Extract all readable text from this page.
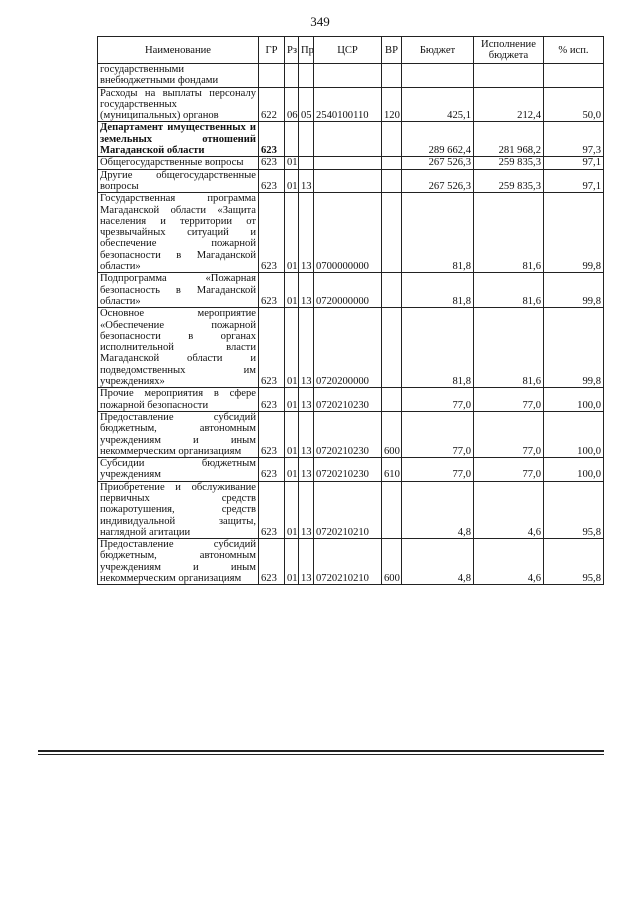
349
Наименование	ГР	Рз	Пр	ЦСР	ВР	Бюджет	Исполнение бюджета	% исп.
государственными внебюджетными фондами								
Расходы на выплаты персоналу государственных (муниципальных) органов	622	06	05	2540100110	120	425,1	212,4	50,0
Департамент имущественных и земельных отношений Магаданской области	623					289 662,4	281 968,2	97,3
Общегосударственные вопросы	623	01				267 526,3	259 835,3	97,1
Другие общегосударственные вопросы	623	01	13			267 526,3	259 835,3	97,1
Государственная программа Магаданской области «Защита населения и территории от чрезвычайных ситуаций и обеспечение пожарной безопасности в Магаданской области»	623	01	13	0700000000		81,8	81,6	99,8
Подпрограмма «Пожарная безопасность в Магаданской области»	623	01	13	0720000000		81,8	81,6	99,8
Основное мероприятие «Обеспечение пожарной безопасности в органах исполнительной власти Магаданской области и подведомственных им учреждениях»	623	01	13	0720200000		81,8	81,6	99,8
Прочие мероприятия в сфере пожарной безопасности	623	01	13	0720210230		77,0	77,0	100,0
Предоставление субсидий бюджетным, автономным учреждениям и иным некоммерческим организациям	623	01	13	0720210230	600	77,0	77,0	100,0
Субсидии бюджетным учреждениям	623	01	13	0720210230	610	77,0	77,0	100,0
Приобретение и обслуживание первичных средств пожаротушения, средств индивидуальной защиты, наглядной агитации	623	01	13	0720210210		4,8	4,6	95,8
Предоставление субсидий бюджетным, автономным учреждениям и иным некоммерческим организациям	623	01	13	0720210210	600	4,8	4,6	95,8
